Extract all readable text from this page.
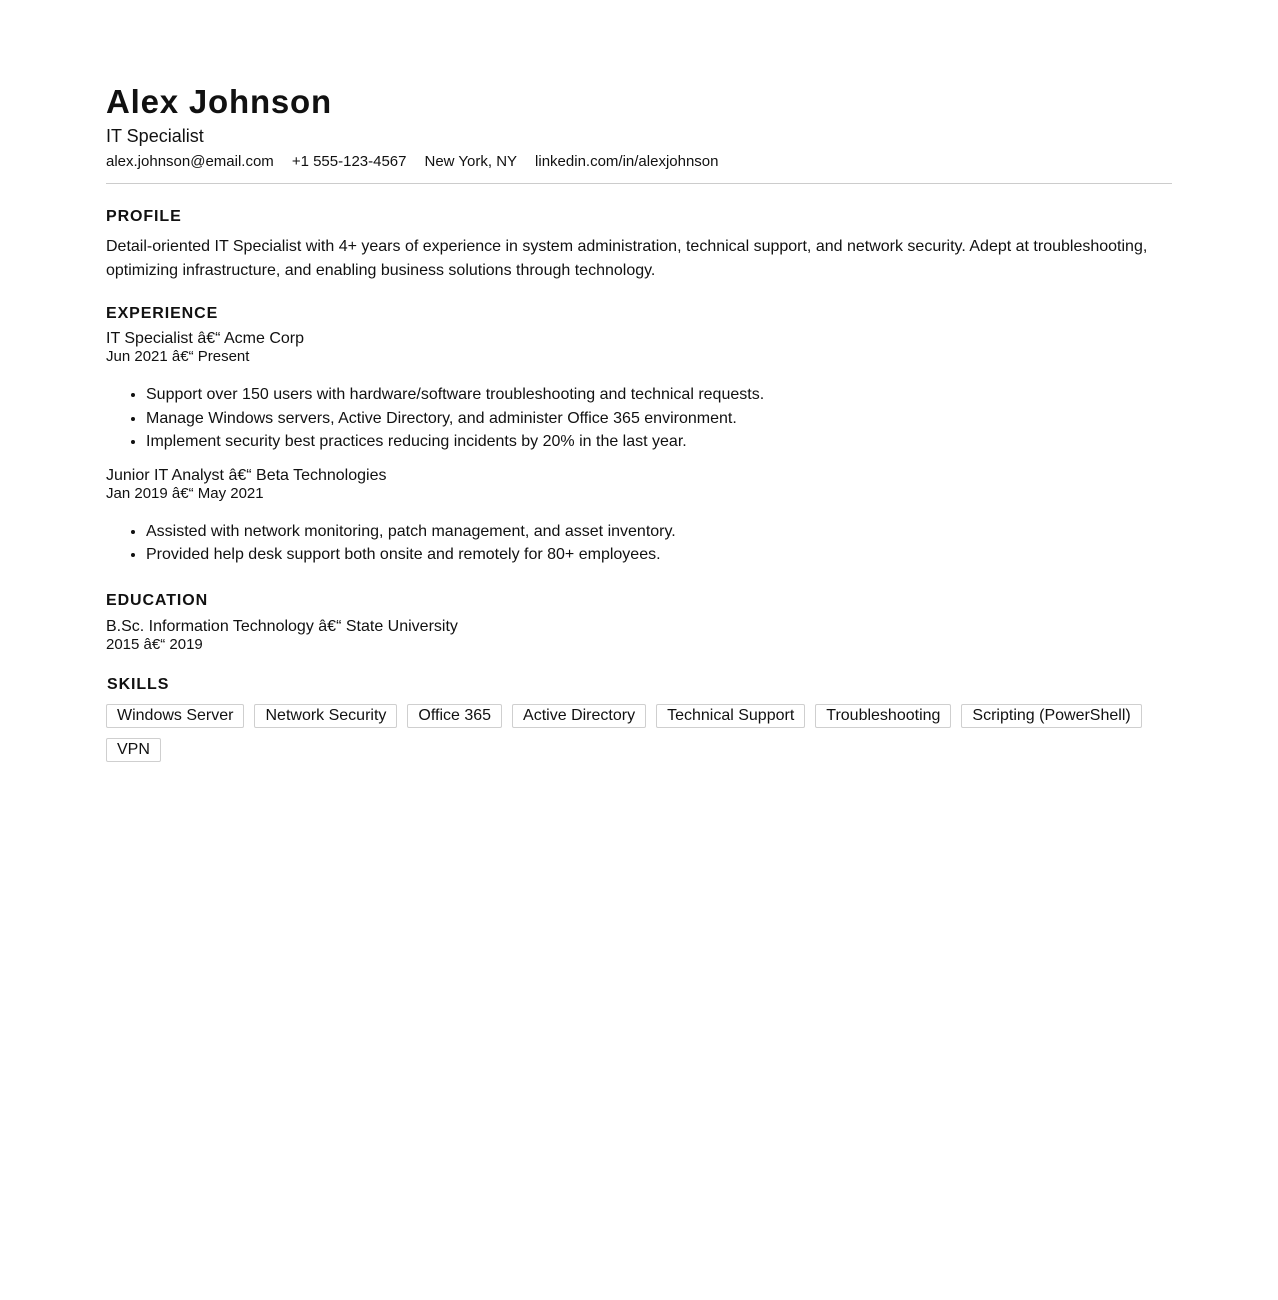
Alex Johnson
IT Specialist
alex.johnson@email.com +1 555-123-4567 New York, NY linkedin.com/in/alexjohnson
PROFILE
Detail-oriented IT Specialist with 4+ years of experience in system administration, technical support, and network security. Adept at troubleshooting, optimizing infrastructure, and enabling business solutions through technology.
EXPERIENCE
IT Specialist â€“ Acme Corp
Jun 2021 â€“ Present
• Support over 150 users with hardware/software troubleshooting and technical requests.
• Manage Windows servers, Active Directory, and administer Office 365 environment.
• Implement security best practices reducing incidents by 20% in the last year.
Junior IT Analyst â€“ Beta Technologies
Jan 2019 â€“ May 2021
• Assisted with network monitoring, patch management, and asset inventory.
• Provided help desk support both onsite and remotely for 80+ employees.
EDUCATION
B.Sc. Information Technology â€“ State University
2015 â€“ 2019
SKILLS
Windows Server	Network Security	Office 365	Active Directory	Technical Support	Troubleshooting	Scripting (PowerShell)
VPN
